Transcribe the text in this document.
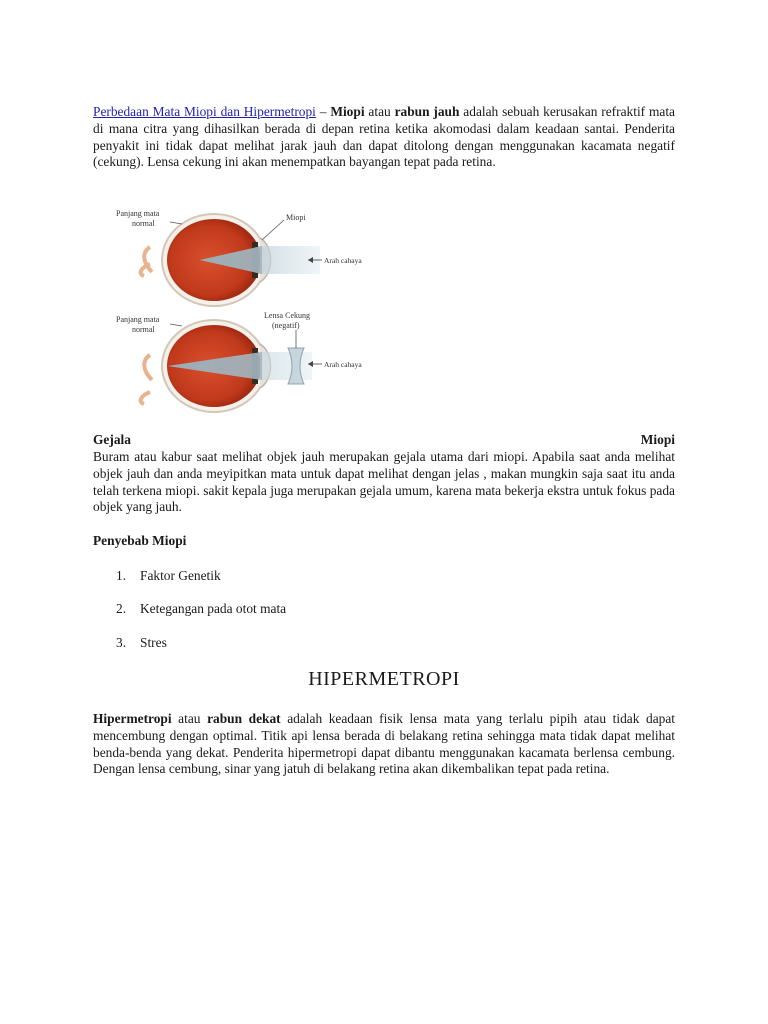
Perbedaan Mata Miopi dan Hipermetropi – Miopi atau rabun jauh adalah sebuah kerusakan refraktif mata di mana citra yang dihasilkan berada di depan retina ketika akomodasi dalam keadaan santai. Penderita penyakit ini tidak dapat melihat jarak jauh dan dapat ditolong dengan menggunakan kacamata negatif (cekung). Lensa cekung ini akan menempatkan bayangan tepat pada retina.

Panjang mata
normal
Miopi
Arah cahaya
Panjang mata
normal
Lensa Cekung
(negatif)
Arah cahaya
Gejala	Miopi

Buram atau kabur saat melihat objek jauh merupakan gejala utama dari miopi. Apabila saat anda melihat objek jauh dan anda meyipitkan mata untuk dapat melihat dengan jelas , makan mungkin saja saat itu anda telah terkena miopi. sakit kepala juga merupakan gejala umum, karena mata bekerja ekstra untuk fokus pada objek yang jauh.

Penyebab Miopi

1. Faktor Genetik
2. Ketegangan pada otot mata
3. Stres
HIPERMETROPI

Hipermetropi atau rabun dekat adalah keadaan fisik lensa mata yang terlalu pipih atau tidak dapat mencembung dengan optimal. Titik api lensa berada di belakang retina sehingga mata tidak dapat melihat benda-benda yang dekat. Penderita hipermetropi dapat dibantu menggunakan kacamata berlensa cembung. Dengan lensa cembung, sinar yang jatuh di belakang retina akan dikembalikan tepat pada retina.
